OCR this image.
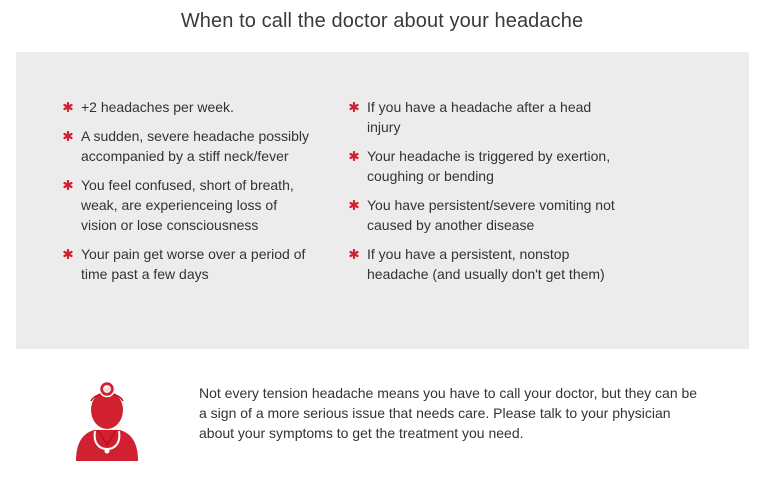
When to call the doctor about your headache
+2 headaches per week.
A sudden, severe headache possibly accompanied by a stiff neck/fever
You feel confused, short of breath, weak, are experienceing loss of vision or lose consciousness
Your pain get worse over a period of time past a few days
If you have a headache after a head injury
Your headache is triggered by exertion, coughing or bending
You have persistent/severe vomiting not caused by another disease
If you have a persistent, nonstop headache (and usually don't get them)

Not every tension headache means you have to call your doctor, but they can be a sign of a more serious issue that needs care. Please talk to your physician about your symptoms to get the treatment you need.
